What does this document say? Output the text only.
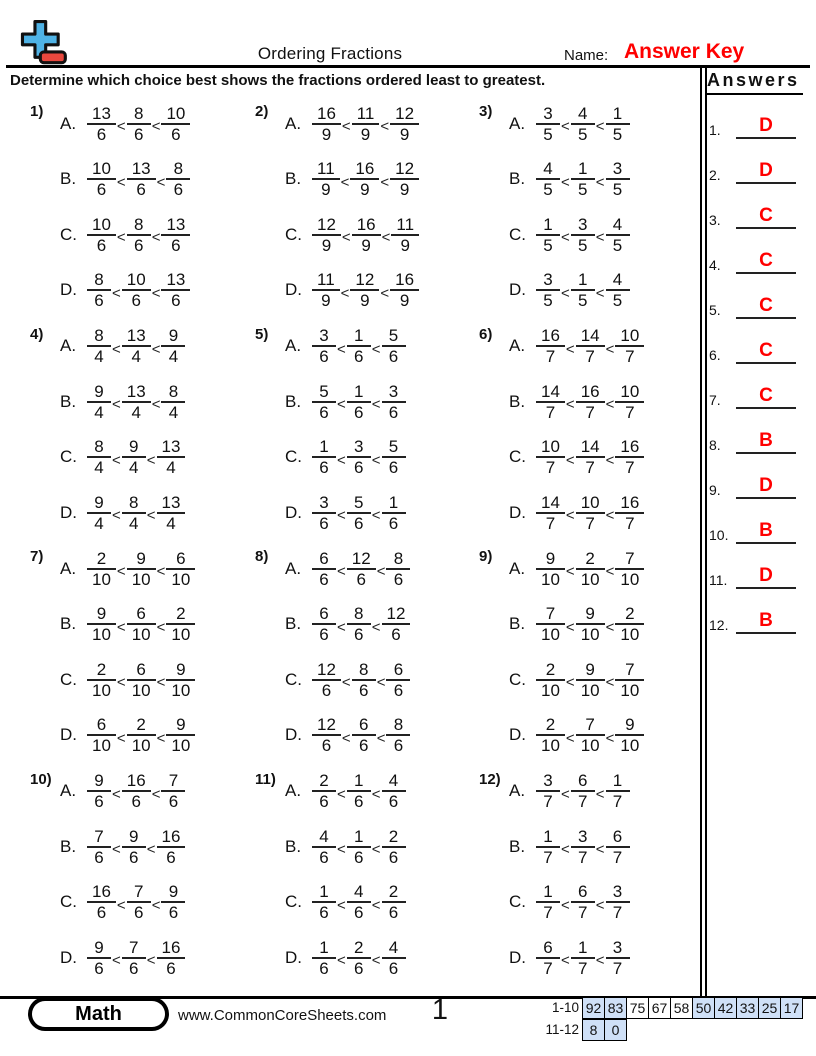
Ordering Fractions	Name: Answer Key
Determine which choice best shows the fractions ordered least to greatest.	Answers
1.	D
2.	D
3.	C
4.	C
5.	C
6.	C
7.	C
8.	B
9.	D
10.	B
11.	D
12.	B
1)
A. $\frac{13}{6} < \frac{8}{6} < \frac{10}{6}$
B. $\frac{10}{6} < \frac{13}{6} < \frac{8}{6}$
C. $\frac{10}{6} < \frac{8}{6} < \frac{13}{6}$
D. $\frac{8}{6} < \frac{10}{6} < \frac{13}{6}$
2)
A. $\frac{16}{9} < \frac{11}{9} < \frac{12}{9}$
B. $\frac{11}{9} < \frac{16}{9} < \frac{12}{9}$
C. $\frac{12}{9} < \frac{16}{9} < \frac{11}{9}$
D. $\frac{11}{9} < \frac{12}{9} < \frac{16}{9}$
3)
A. $\frac{3}{5} < \frac{4}{5} < \frac{1}{5}$
B. $\frac{4}{5} < \frac{1}{5} < \frac{3}{5}$
C. $\frac{1}{5} < \frac{3}{5} < \frac{4}{5}$
D. $\frac{3}{5} < \frac{1}{5} < \frac{4}{5}$
4)
A. $\frac{8}{4} < \frac{13}{4} < \frac{9}{4}$
B. $\frac{9}{4} < \frac{13}{4} < \frac{8}{4}$
C. $\frac{8}{4} < \frac{9}{4} < \frac{13}{4}$
D. $\frac{9}{4} < \frac{8}{4} < \frac{13}{4}$
5)
A. $\frac{3}{6} < \frac{1}{6} < \frac{5}{6}$
B. $\frac{5}{6} < \frac{1}{6} < \frac{3}{6}$
C. $\frac{1}{6} < \frac{3}{6} < \frac{5}{6}$
D. $\frac{3}{6} < \frac{5}{6} < \frac{1}{6}$
6)
A. $\frac{16}{7} < \frac{14}{7} < \frac{10}{7}$
B. $\frac{14}{7} < \frac{16}{7} < \frac{10}{7}$
C. $\frac{10}{7} < \frac{14}{7} < \frac{16}{7}$
D. $\frac{14}{7} < \frac{10}{7} < \frac{16}{7}$
7)
A. $\frac{2}{10} < \frac{9}{10} < \frac{6}{10}$
B. $\frac{9}{10} < \frac{6}{10} < \frac{2}{10}$
C. $\frac{2}{10} < \frac{6}{10} < \frac{9}{10}$
D. $\frac{6}{10} < \frac{2}{10} < \frac{9}{10}$
8)
A. $\frac{6}{6} < \frac{12}{6} < \frac{8}{6}$
B. $\frac{6}{6} < \frac{8}{6} < \frac{12}{6}$
C. $\frac{12}{6} < \frac{8}{6} < \frac{6}{6}$
D. $\frac{12}{6} < \frac{6}{6} < \frac{8}{6}$
9)
A. $\frac{9}{10} < \frac{2}{10} < \frac{7}{10}$
B. $\frac{7}{10} < \frac{9}{10} < \frac{2}{10}$
C. $\frac{2}{10} < \frac{9}{10} < \frac{7}{10}$
D. $\frac{2}{10} < \frac{7}{10} < \frac{9}{10}$
10)
A. $\frac{9}{6} < \frac{16}{6} < \frac{7}{6}$
B. $\frac{7}{6} < \frac{9}{6} < \frac{16}{6}$
C. $\frac{16}{6} < \frac{7}{6} < \frac{9}{6}$
D. $\frac{9}{6} < \frac{7}{6} < \frac{16}{6}$
11)
A. $\frac{2}{6} < \frac{1}{6} < \frac{4}{6}$
B. $\frac{4}{6} < \frac{1}{6} < \frac{2}{6}$
C. $\frac{1}{6} < \frac{4}{6} < \frac{2}{6}$
D. $\frac{1}{6} < \frac{2}{6} < \frac{4}{6}$
12)
A. $\frac{3}{7} < \frac{6}{7} < \frac{1}{7}$
B. $\frac{1}{7} < \frac{3}{7} < \frac{6}{7}$
C. $\frac{1}{7} < \frac{6}{7} < \frac{3}{7}$
D. $\frac{6}{7} < \frac{1}{7} < \frac{3}{7}$
Math	www.CommonCoreSheets.com	1	1-10 92 83 75 67 58 50 42 33 25 17
11-12 8	0
